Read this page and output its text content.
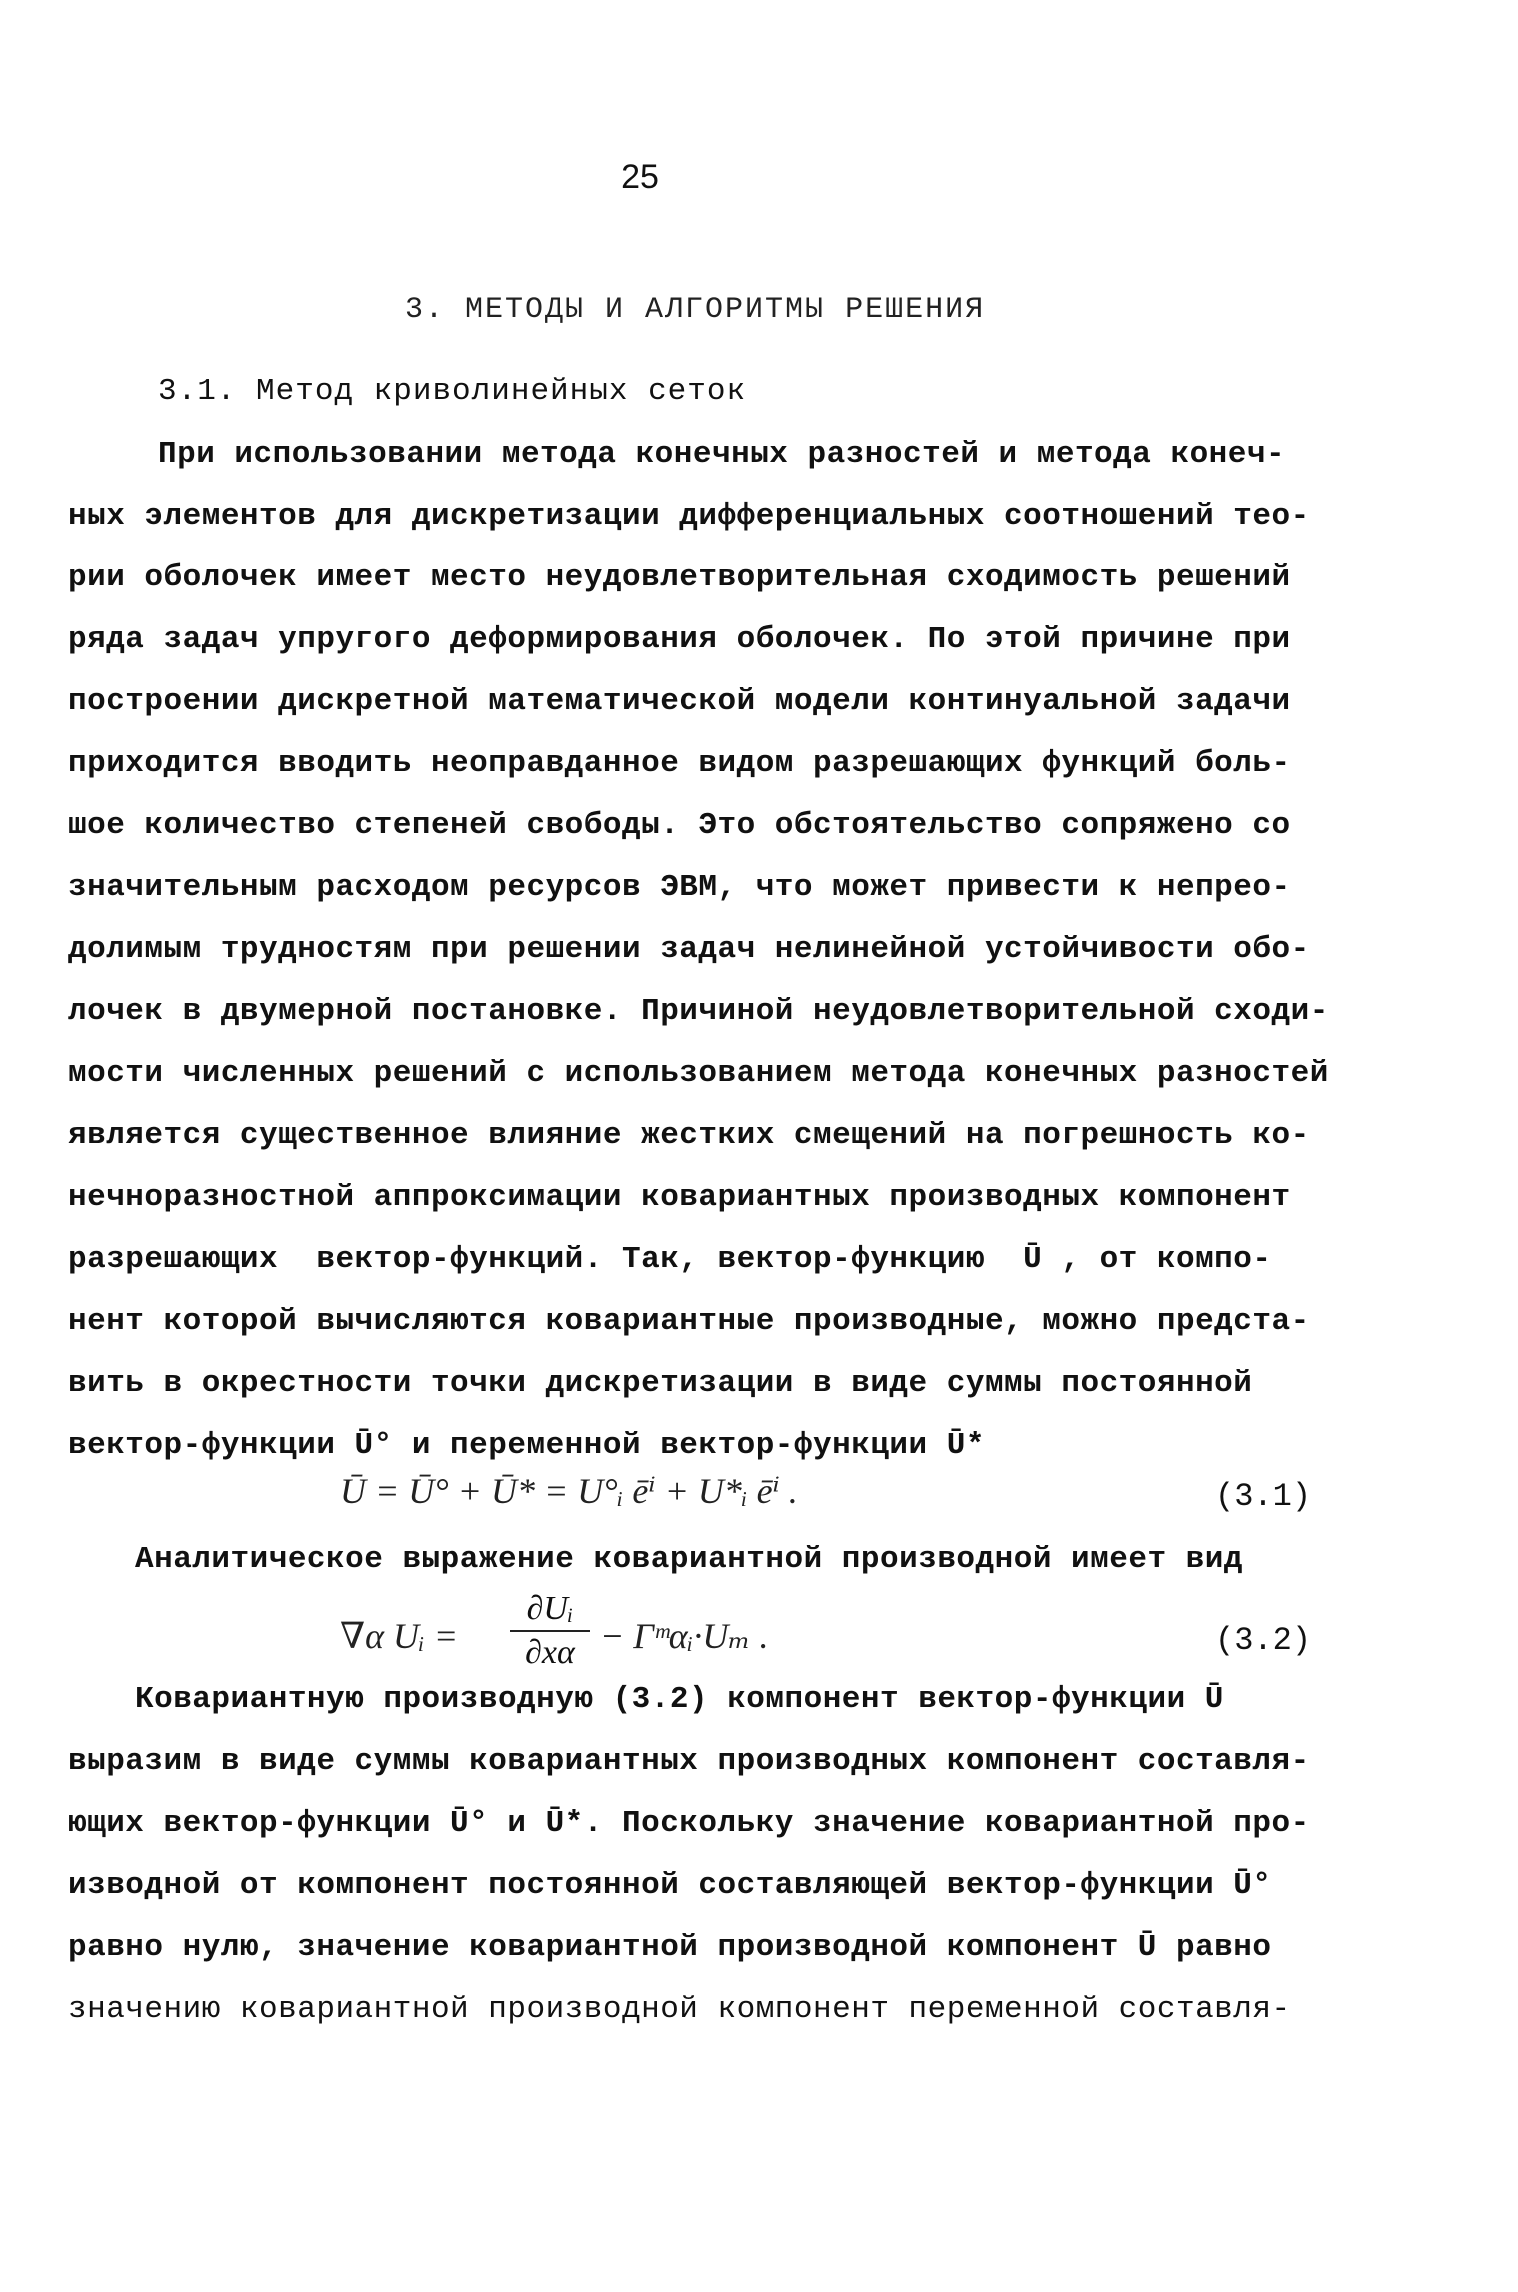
25
3. МЕТОДЫ И АЛГОРИТМЫ РЕШЕНИЯ
3.1. Метод криволинейных сеток
При использовании метода конечных разностей и метода конеч-
ных элементов для дискретизации дифференциальных соотношений тео-
рии оболочек имеет место неудовлетворительная сходимость решений
ряда задач упругого деформирования оболочек. По этой причине при
построении дискретной математической модели континуальной задачи
приходится вводить неоправданное видом разрешающих функций боль-
шое количество степеней свободы. Это обстоятельство сопряжено со
значительным расходом ресурсов ЭВМ, что может привести к непрео-
долимым трудностям при решении задач нелинейной устойчивости обо-
лочек в двумерной постановке. Причиной неудовлетворительной сходи-
мости численных решений с использованием метода конечных разностей
является существенное влияние жестких смещений на погрешность ко-
нечноразностной аппроксимации ковариантных производных компонент
разрешающих  вектор-функций. Так, вектор-функцию  Ū , от компо-
нент которой вычисляются ковариантные производные, можно предста-
вить в окрестности точки дискретизации в виде суммы постоянной
вектор-функции Ū° и переменной вектор-функции Ū*
Ū = Ū° + Ū* = U°ᵢ ēⁱ + U*ᵢ ēⁱ .	(3.1)
Аналитическое выражение ковариантной производной имеет вид
∇α Uᵢ =
∂Uᵢ
∂xα − Γᵐαᵢ·Uₘ .	(3.2)
Ковариантную производную (3.2) компонент вектор-функции Ū
выразим в виде суммы ковариантных производных компонент составля-
ющих вектор-функции Ū° и Ū*. Поскольку значение ковариантной про-
изводной от компонент постоянной составляющей вектор-функции Ū°
равно нулю, значение ковариантной производной компонент Ū равно
значению ковариантной производной компонент переменной составля-
